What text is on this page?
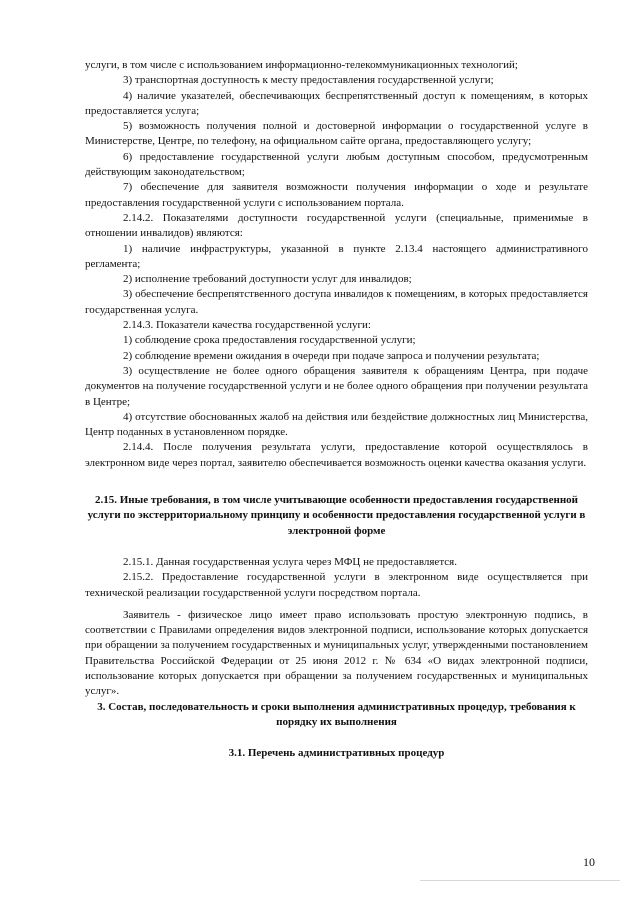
услуги, в том числе с использованием информационно-телекоммуникационных технологий;

3) транспортная доступность к месту предоставления государственной услуги;

4) наличие указателей, обеспечивающих беспрепятственный доступ к помещениям, в которых предоставляется услуга;

5) возможность получения полной и достоверной информации о государственной услуге в Министерстве, Центре, по телефону, на официальном сайте органа, предоставляющего услугу;

6) предоставление государственной услуги любым доступным способом, предусмотренным действующим законодательством;

7) обеспечение для заявителя возможности получения информации о ходе и результате предоставления государственной услуги с использованием портала.

2.14.2. Показателями доступности государственной услуги (специальные, применимые в отношении инвалидов) являются:

1) наличие инфраструктуры, указанной в пункте 2.13.4 настоящего административного регламента;

2) исполнение требований доступности услуг для инвалидов;

3) обеспечение беспрепятственного доступа инвалидов к помещениям, в которых предоставляется государственная услуга.

2.14.3. Показатели качества государственной услуги:

1) соблюдение срока предоставления государственной услуги;

2) соблюдение времени ожидания в очереди при подаче запроса и получении результата;

3) осуществление не более одного обращения заявителя к обращениям Центра, при подаче документов на получение государственной услуги и не более одного обращения при получении результата в Центре;

4) отсутствие обоснованных жалоб на действия или бездействие должностных лиц Министерства, Центр поданных в установленном порядке.

2.14.4. После получения результата услуги, предоставление которой осуществлялось в электронном виде через портал, заявителю обеспечивается возможность оценки качества оказания услуги.

2.15. Иные требования, в том числе учитывающие особенности предоставления государственной услуги по экстерриториальному принципу и особенности предоставления государственной услуги в электронной форме

2.15.1. Данная государственная услуга через МФЦ не предоставляется.

2.15.2. Предоставление государственной услуги в электронном виде осуществляется при технической реализации государственной услуги посредством портала.

Заявитель - физическое лицо имеет право использовать простую электронную подпись, в соответствии с Правилами определения видов электронной подписи, использование которых допускается при обращении за получением государственных и муниципальных услуг, утвержденными постановлением Правительства Российской Федерации от 25 июня 2012 г. № 634 «О видах электронной подписи, использование которых допускается при обращении за получением государственных и муниципальных услуг».

3. Состав, последовательность и сроки выполнения административных процедур, требования к порядку их выполнения

3.1. Перечень административных процедур

10
